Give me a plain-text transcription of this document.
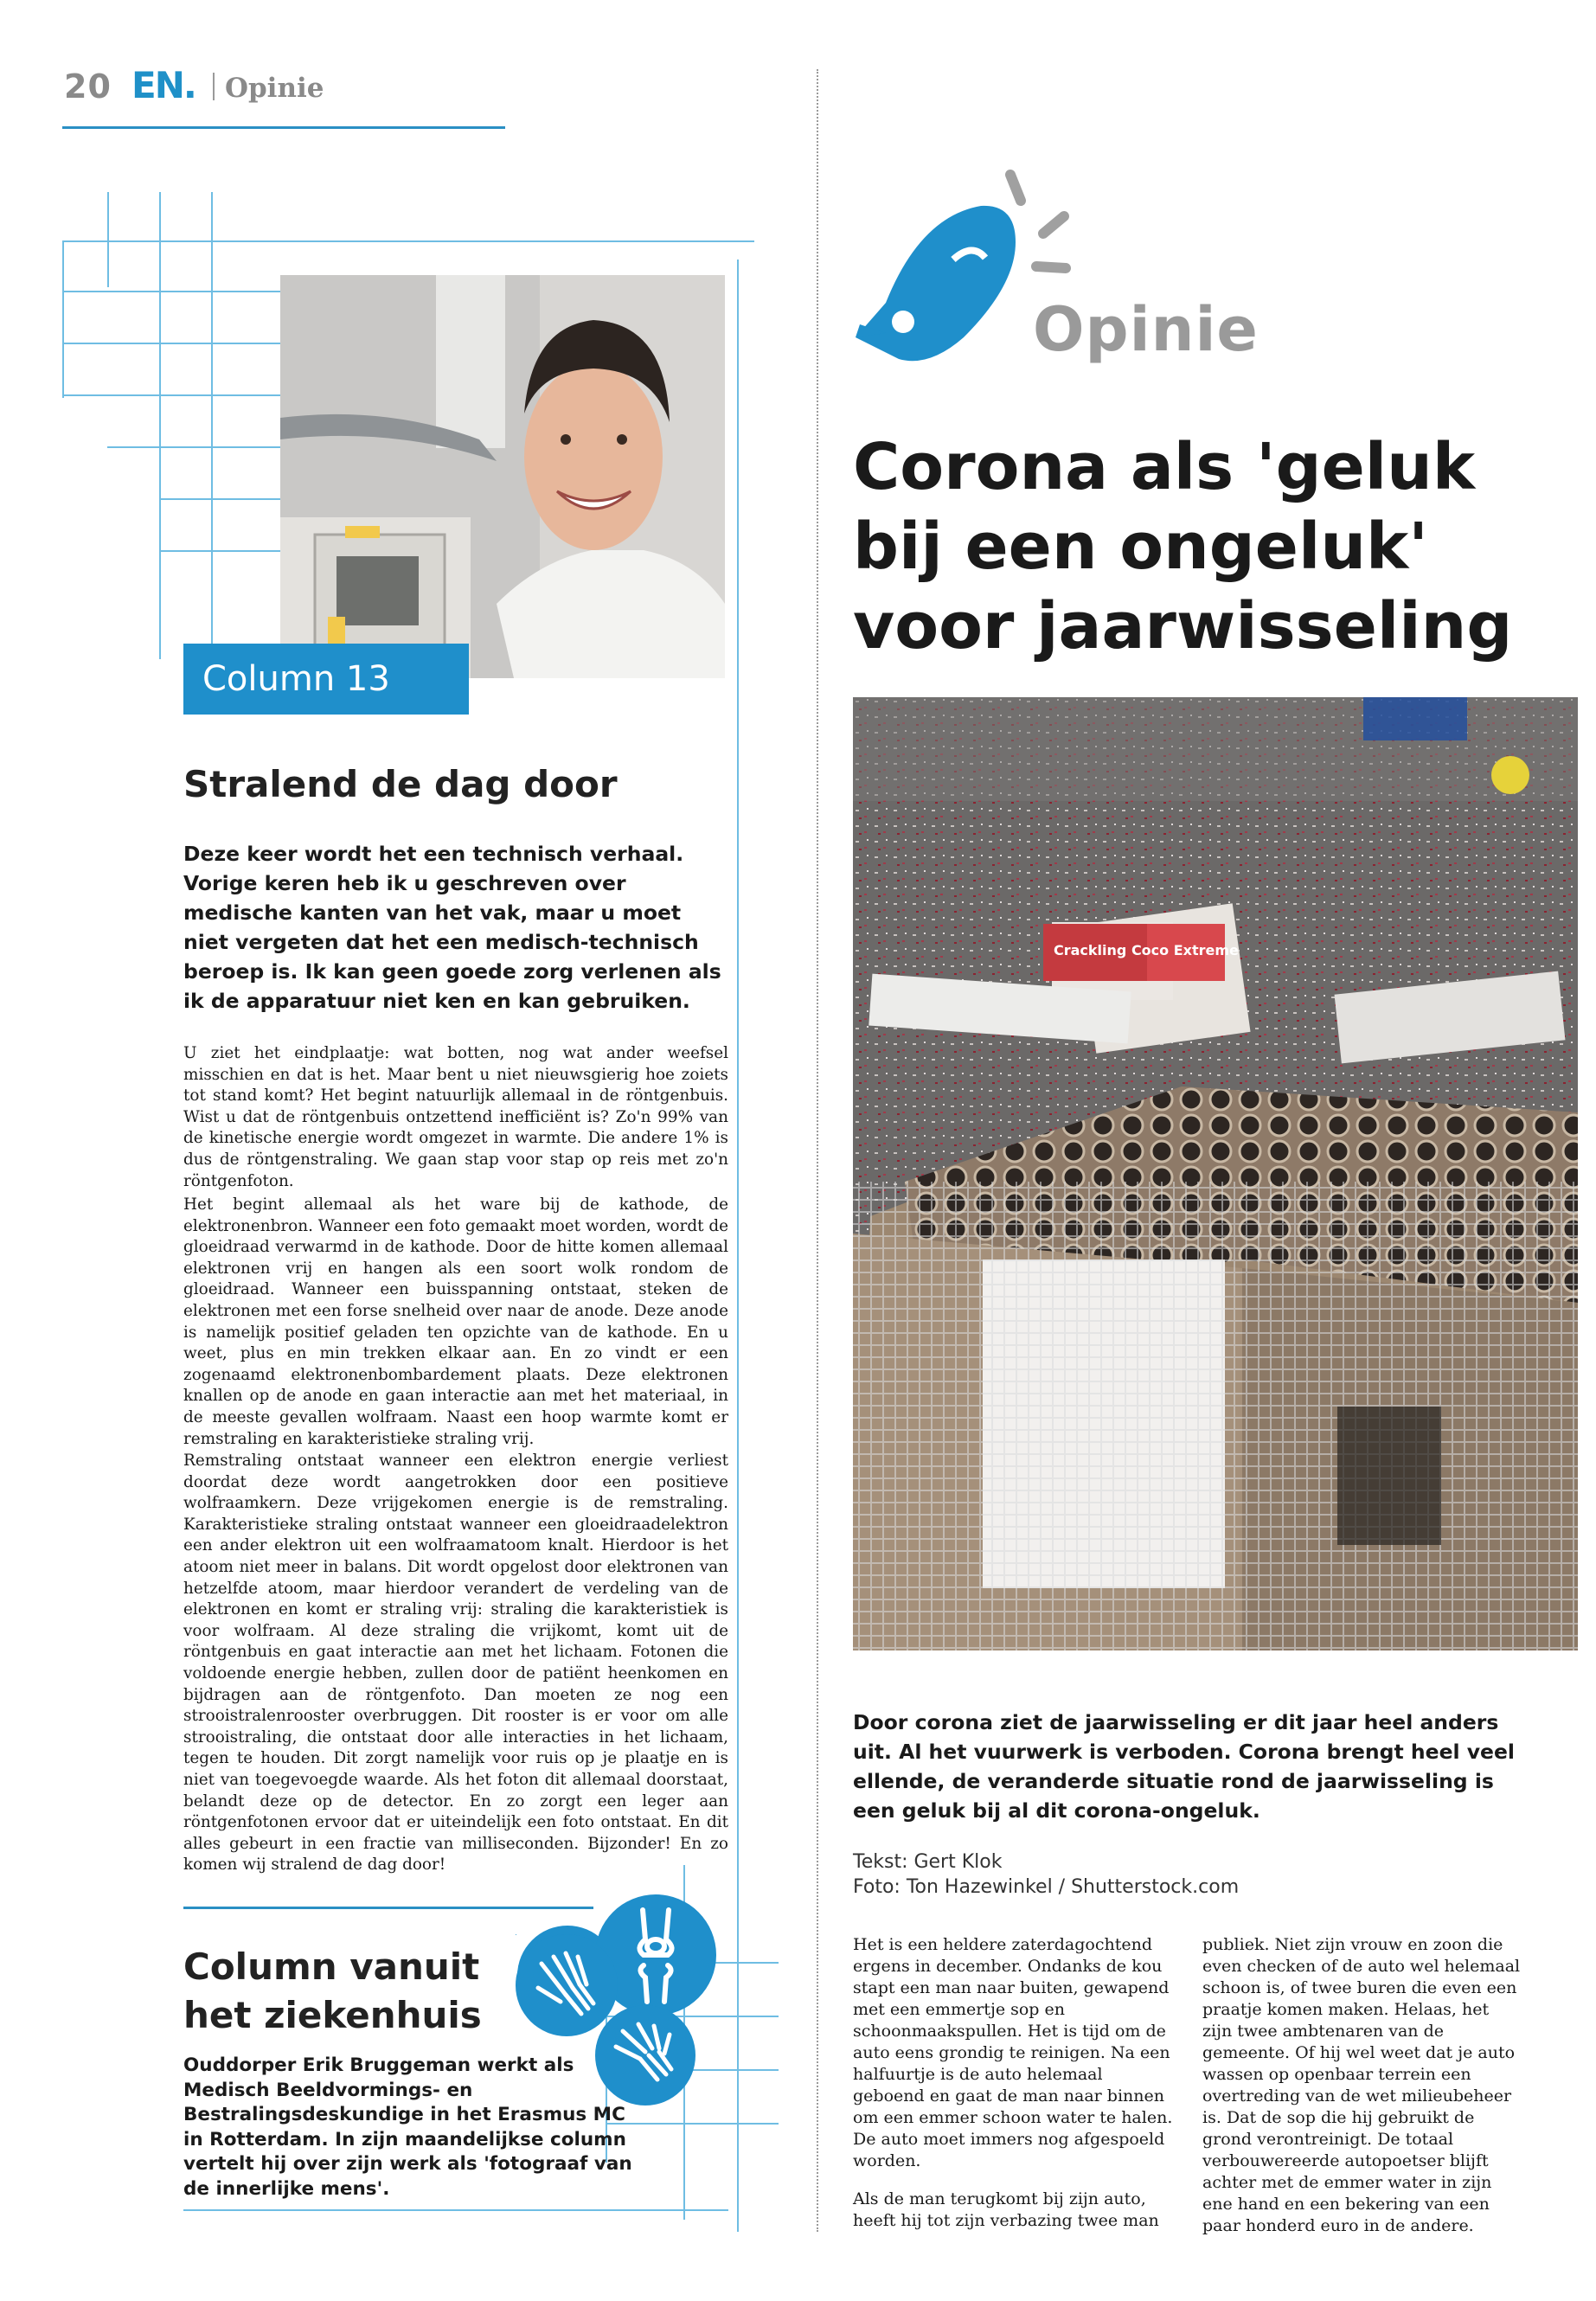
20 EN. Opinie
Column 13
Stralend de dag door
Deze keer wordt het een technisch verhaal. Vorige keren heb ik u geschreven over medische kanten van het vak, maar u moet niet vergeten dat het een medisch-technisch beroep is. Ik kan geen goede zorg verlenen als ik de apparatuur niet ken en kan gebruiken.
U ziet het eindplaatje: wat botten, nog wat ander weefsel misschien en dat is het. Maar bent u niet nieuwsgierig hoe zoiets tot stand komt? Het begint natuurlijk allemaal in de röntgenbuis. Wist u dat de röntgenbuis ontzettend inefficiënt is? Zo'n 99% van de kinetische energie wordt omgezet in warmte. Die andere 1% is dus de röntgenstraling. We gaan stap voor stap op reis met zo'n röntgenfoton.
Het begint allemaal als het ware bij de kathode, de elektronenbron. Wanneer een foto gemaakt moet worden, wordt de gloeidraad verwarmd in de kathode. Door de hitte komen allemaal elektronen vrij en hangen als een soort wolk rondom de gloeidraad. Wanneer een buisspanning ontstaat, steken de elektronen met een forse snelheid over naar de anode. Deze anode is namelijk positief geladen ten opzichte van de kathode. En u weet, plus en min trekken elkaar aan. En zo vindt er een zogenaamd elektronenbombardement plaats. Deze elektronen knallen op de anode en gaan interactie aan met het materiaal, in de meeste gevallen wolfraam. Naast een hoop warmte komt er remstraling en karakteristieke straling vrij.
Remstraling ontstaat wanneer een elektron energie verliest doordat deze wordt aangetrokken door een positieve wolfraamkern. Deze vrijgekomen energie is de remstraling. Karakteristieke straling ontstaat wanneer een gloeidraadelektron een ander elektron uit een wolfraamatoom knalt. Hierdoor is het atoom niet meer in balans. Dit wordt opgelost door elektronen van hetzelfde atoom, maar hierdoor verandert de verdeling van de elektronen en komt er straling vrij: straling die karakteristiek is voor wolfraam. Al deze straling die vrijkomt, komt uit de röntgenbuis en gaat interactie aan met het lichaam. Fotonen die voldoende energie hebben, zullen door de patiënt heenkomen en bijdragen aan de röntgenfoto. Dan moeten ze nog een strooistralenrooster overbruggen. Dit rooster is er voor om alle strooistraling, die ontstaat door alle interacties in het lichaam, tegen te houden. Dit zorgt namelijk voor ruis op je plaatje en is niet van toegevoegde waarde. Als het foton dit allemaal doorstaat, belandt deze op de detector. En zo zorgt een leger aan röntgenfotonen ervoor dat er uiteindelijk een foto ontstaat. En dit alles gebeurt in een fractie van milliseconden. Bijzonder! En zo komen wij stralend de dag door!
Column vanuit het ziekenhuis
Ouddorper Erik Bruggeman werkt als Medisch Beeldvormings- en Bestralingsdeskundige in het Erasmus MC in Rotterdam. In zijn maandelijkse column vertelt hij over zijn werk als 'fotograaf van de innerlijke mens'.
Opinie
Corona als 'geluk bij een ongeluk' voor jaarwisseling
Crackling Coco Extreme
Door corona ziet de jaarwisseling er dit jaar heel anders uit. Al het vuurwerk is verboden. Corona brengt heel veel ellende, de veranderde situatie rond de jaarwisseling is een geluk bij al dit corona-ongeluk.
Tekst: Gert Klok
Foto: Ton Hazewinkel / Shutterstock.com

Het is een heldere zaterdagochtend ergens in december. Ondanks de kou stapt een man naar buiten, gewapend met een emmertje sop en schoonmaakspullen. Het is tijd om de auto eens grondig te reinigen. Na een halfuurtje is de auto helemaal geboend en gaat de man naar binnen om een emmer schoon water te halen. De auto moet immers nog afgespoeld worden.

Als de man terugkomt bij zijn auto, heeft hij tot zijn verbazing twee man

publiek. Niet zijn vrouw en zoon die even checken of de auto wel helemaal schoon is, of twee buren die even een praatje komen maken. Helaas, het zijn twee ambtenaren van de gemeente. Of hij wel weet dat je auto wassen op openbaar terrein een overtreding van de wet milieubeheer is. Dat de sop die hij gebruikt de grond verontreinigt. De totaal verbouwereerde autopoetser blijft achter met de emmer water in zijn ene hand en een bekering van een paar honderd euro in de andere.
